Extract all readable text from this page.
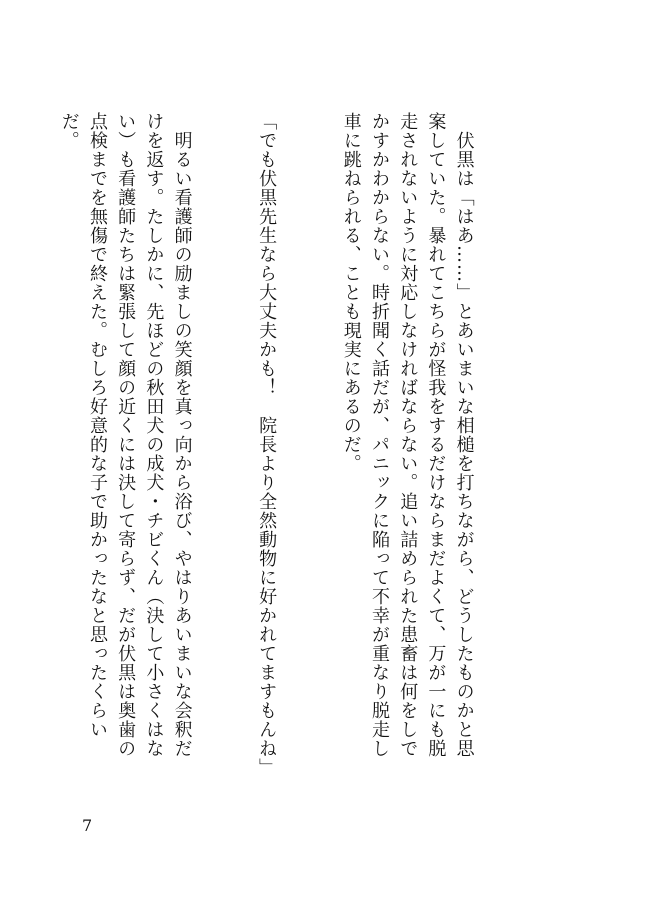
　伏黒は「はあ……」とあいまいな相槌を打ちながら、どうしたものかと思案していた。暴れてこちらが怪我をするだけならまだよくて、万が一にも脱走されないように対応しなければならない。追い詰められた患畜は何をしでかすかわからない。時折聞く話だが、パニックに陥って不幸が重なり脱走し車に跳ねられる、ことも現実にあるのだ。

「でも伏黒先生なら大丈夫かも！　院長より全然動物に好かれてますもんね」

　明るい看護師の励ましの笑顔を真っ向から浴び、やはりあいまいな会釈だけを返す。たしかに、先ほどの秋田犬の成犬・チビくん（決して小さくはない）も看護師たちは緊張して顔の近くには決して寄らず、だが伏黒は奥歯の点検までを無傷で終えた。むしろ好意的な子で助かったなと思ったくらいだ。

7
